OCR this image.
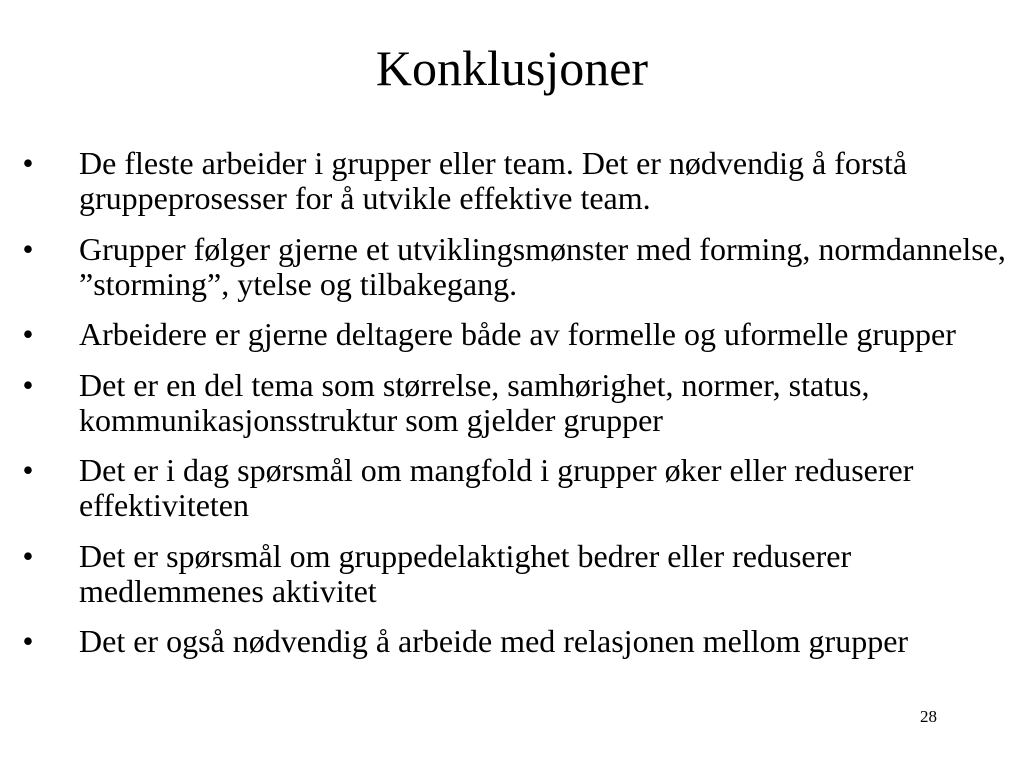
Konklusjoner
• De fleste arbeider i grupper eller team. Det er nødvendig å forstå gruppeprosesser for å utvikle effektive team.
• Grupper følger gjerne et utviklingsmønster med forming, normdannelse, ”storming”, ytelse og tilbakegang.
• Arbeidere er gjerne deltagere både av formelle og uformelle grupper
• Det er en del tema som størrelse, samhørighet, normer, status, kommunikasjonsstruktur som gjelder grupper
• Det er i dag spørsmål om mangfold i grupper øker eller reduserer effektiviteten
• Det er spørsmål om gruppedelaktighet bedrer eller reduserer medlemmenes aktivitet
• Det er også nødvendig å arbeide med relasjonen mellom grupper
28
